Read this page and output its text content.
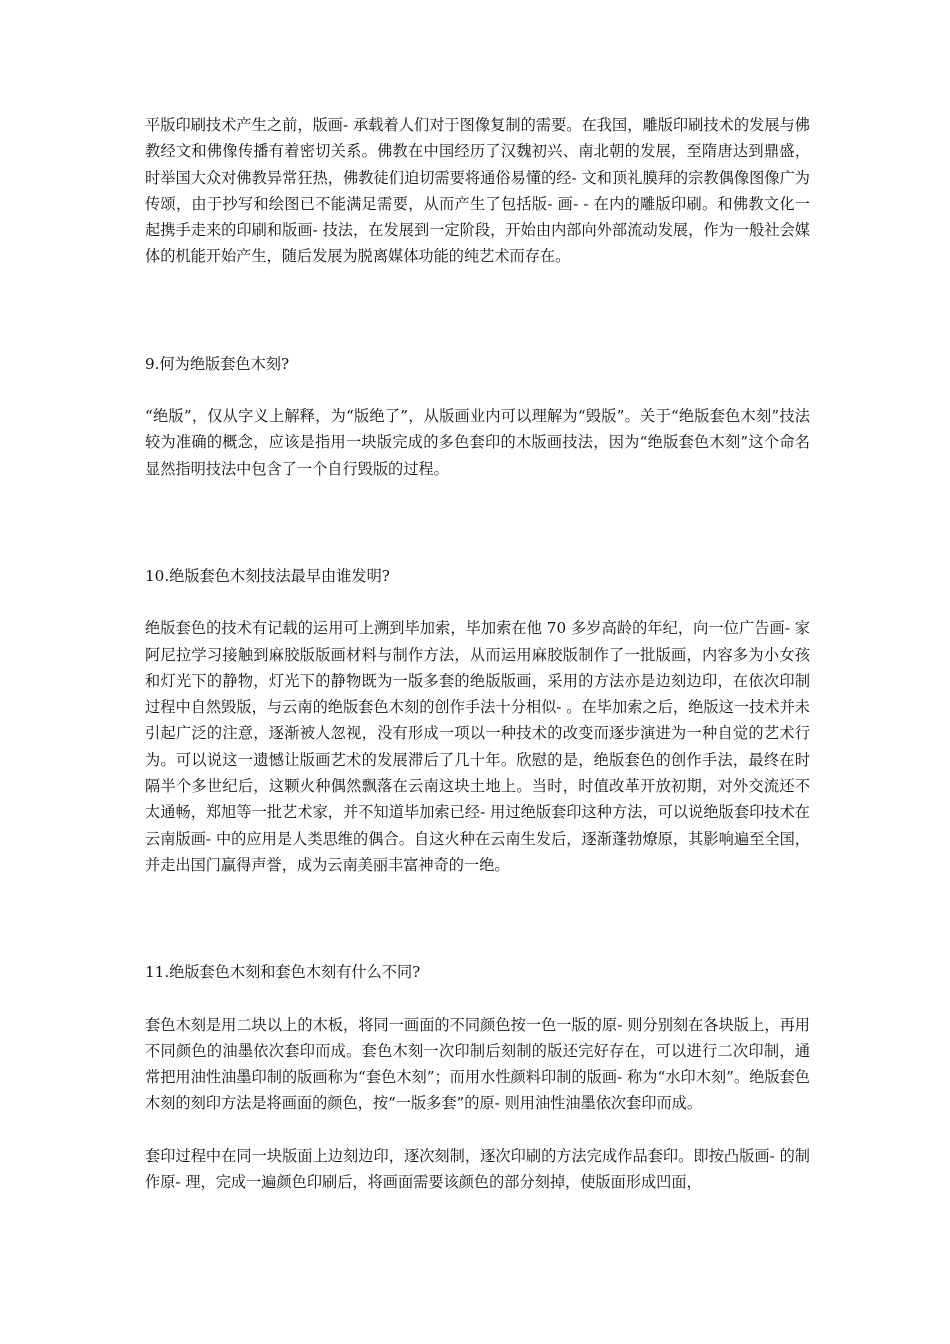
平版印刷技术产生之前，版画- 承载着人们对于图像复制的需要。在我国，雕版印刷技术的发展与佛教经文和佛像传播有着密切关系。佛教在中国经历了汉魏初兴、南北朝的发展，至隋唐达到鼎盛，时举国大众对佛教异常狂热，佛教徒们迫切需要将通俗易懂的经- 文和顶礼膜拜的宗教偶像图像广为传颂，由于抄写和绘图已不能满足需要，从而产生了包括版- 画- - 在内的雕版印刷。和佛教文化一起携手走来的印刷和版画- 技法，在发展到一定阶段，开始由内部向外部流动发展，作为一般社会媒体的机能开始产生，随后发展为脱离媒体功能的纯艺术而存在。

9.何为绝版套色木刻?

“绝版”，仅从字义上解释，为“版绝了”，从版画业内可以理解为“毁版”。关于“绝版套色木刻”技法较为准确的概念，应该是指用一块版完成的多色套印的木版画技法，因为“绝版套色木刻”这个命名显然指明技法中包含了一个自行毁版的过程。

10.绝版套色木刻技法最早由谁发明?

绝版套色的技术有记载的运用可上溯到毕加索，毕加索在他 70 多岁高龄的年纪，向一位广告画- 家阿尼拉学习接触到麻胶版版画材料与制作方法，从而运用麻胶版制作了一批版画，内容多为小女孩和灯光下的静物，灯光下的静物既为一版多套的绝版版画，采用的方法亦是边刻边印，在依次印制过程中自然毁版，与云南的绝版套色木刻的创作手法十分相似- 。在毕加索之后，绝版这一技术并未引起广泛的注意，逐渐被人忽视，没有形成一项以一种技术的改变而逐步演进为一种自觉的艺术行为。可以说这一遗憾让版画艺术的发展滞后了几十年。欣慰的是，绝版套色的创作手法，最终在时隔半个多世纪后，这颗火种偶然飘落在云南这块土地上。当时，时值改革开放初期，对外交流还不太通畅，郑旭等一批艺术家，并不知道毕加索已经- 用过绝版套印这种方法，可以说绝版套印技术在云南版画- 中的应用是人类思维的偶合。自这火种在云南生发后，逐渐蓬勃燎原，其影响遍至全国，并走出国门赢得声誉，成为云南美丽丰富神奇的一绝。

11.绝版套色木刻和套色木刻有什么不同?

套色木刻是用二块以上的木板，将同一画面的不同颜色按一色一版的原- 则分别刻在各块版上，再用不同颜色的油墨依次套印而成。套色木刻一次印制后刻制的版还完好存在，可以进行二次印制，通常把用油性油墨印制的版画称为“套色木刻”；而用水性颜料印制的版画- 称为“水印木刻”。绝版套色木刻的刻印方法是将画面的颜色，按“一版多套”的原- 则用油性油墨依次套印而成。

套印过程中在同一块版面上边刻边印，逐次刻制，逐次印刷的方法完成作品套印。即按凸版画- 的制作原- 理，完成一遍颜色印刷后，将画面需要该颜色的部分刻掉，使版面形成凹面，
